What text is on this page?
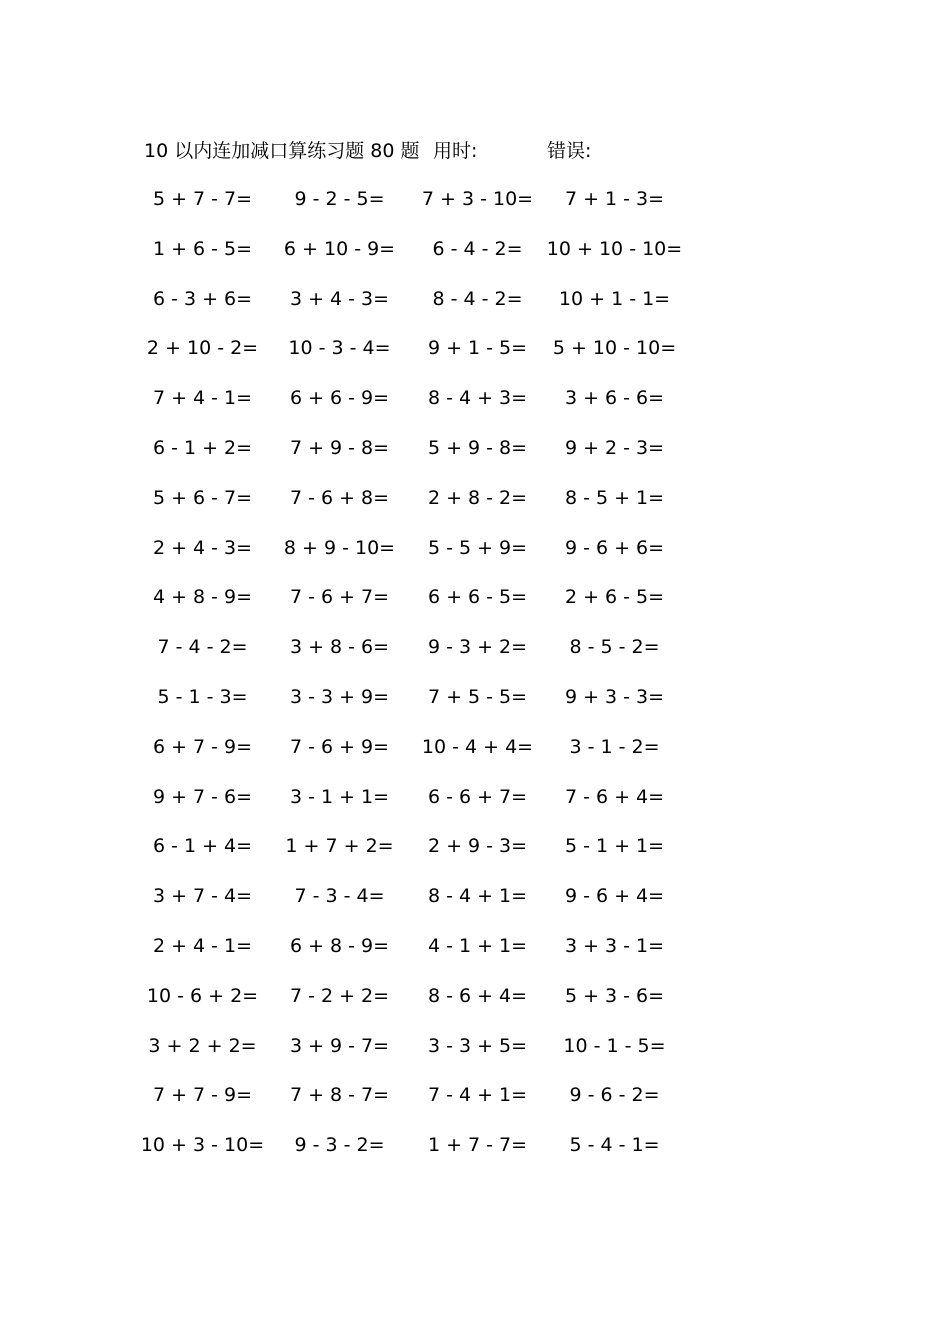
10 以内连加减口算练习题 80 题 用时:	错误:
5 + 7 - 7=	9 - 2 - 5=	7 + 3 - 10=	7 + 1 - 3=
1 + 6 - 5=	6 + 10 - 9=	6 - 4 - 2=	10 + 10 - 10=
6 - 3 + 6=	3 + 4 - 3=	8 - 4 - 2=	10 + 1 - 1=
2 + 10 - 2=	10 - 3 - 4=	9 + 1 - 5=	5 + 10 - 10=
7 + 4 - 1=	6 + 6 - 9=	8 - 4 + 3=	3 + 6 - 6=
6 - 1 + 2=	7 + 9 - 8=	5 + 9 - 8=	9 + 2 - 3=
5 + 6 - 7=	7 - 6 + 8=	2 + 8 - 2=	8 - 5 + 1=
2 + 4 - 3=	8 + 9 - 10=	5 - 5 + 9=	9 - 6 + 6=
4 + 8 - 9=	7 - 6 + 7=	6 + 6 - 5=	2 + 6 - 5=
7 - 4 - 2=	3 + 8 - 6=	9 - 3 + 2=	8 - 5 - 2=
5 - 1 - 3=	3 - 3 + 9=	7 + 5 - 5=	9 + 3 - 3=
6 + 7 - 9=	7 - 6 + 9=	10 - 4 + 4=	3 - 1 - 2=
9 + 7 - 6=	3 - 1 + 1=	6 - 6 + 7=	7 - 6 + 4=
6 - 1 + 4=	1 + 7 + 2=	2 + 9 - 3=	5 - 1 + 1=
3 + 7 - 4=	7 - 3 - 4=	8 - 4 + 1=	9 - 6 + 4=
2 + 4 - 1=	6 + 8 - 9=	4 - 1 + 1=	3 + 3 - 1=
10 - 6 + 2=	7 - 2 + 2=	8 - 6 + 4=	5 + 3 - 6=
3 + 2 + 2=	3 + 9 - 7=	3 - 3 + 5=	10 - 1 - 5=
7 + 7 - 9=	7 + 8 - 7=	7 - 4 + 1=	9 - 6 - 2=
10 + 3 - 10=	9 - 3 - 2=	1 + 7 - 7=	5 - 4 - 1=
